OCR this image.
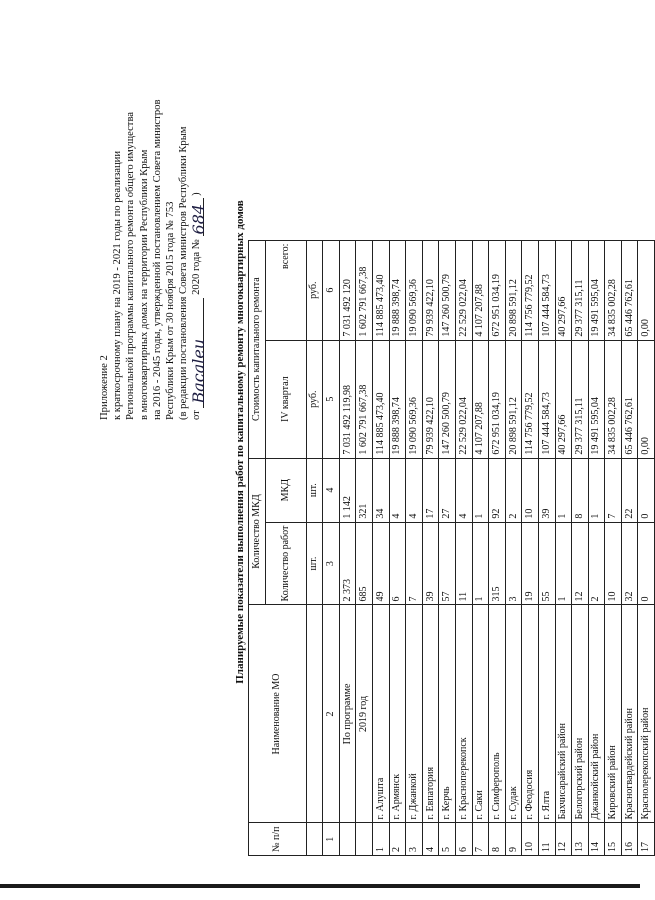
Приложение 2 к краткосрочному плану на 2019 - 2021 годы по реализации Региональной программы капитального ремонта общего имущества в многоквартирных домах на территории Республики Крым на 2016 - 2045 годы, утвержденной постановлением Совета министров Республики Крым от 30 ноября 2015 года № 753 (в редакции постановления Совета министров Республики Крым от
Bacaleu
2020 года №
684
)
Планируемые показатели выполнения работ по капитальному ремонту многоквартирных домов
№ п/п	Наименование МО	Количество МКД		Стоимость капитального ремонта	
		Количество работ	МКД	IV квартал	всего:
		шт.	шт.	руб.	руб.
1	2	3	4	5	6
	По программе	2 373	1 142	7 031 492 119,98	7 031 492 120
	2019 год	685	321	1 602 791 667,38	1 602 791 667,38
1	г. Алушта	49	34	114 885 473,40	114 885 473,40
2	г. Армянск	6	4	19 888 398,74	19 888 398,74
3	г. Джанкой	7	4	19 090 569,36	19 090 569,36
4	г. Евпатория	39	17	79 939 422,10	79 939 422,10
5	г. Керчь	57	27	147 260 500,79	147 260 500,79
6	г. Красноперекопск	11	4	22 529 022,04	22 529 022,04
7	г. Саки	1	1	4 107 207,88	4 107 207,88
8	г. Симферополь	315	92	672 951 034,19	672 951 034,19
9	г. Судак	3	2	20 898 591,12	20 898 591,12
10	г. Феодосия	19	10	114 756 779,52	114 756 779,52
11	г. Ялта	55	39	107 444 584,73	107 444 584,73
12	Бахчисарайский район	1	1	40 297,66	40 297,66
13	Белогорский район	12	8	29 377 315,11	29 377 315,11
14	Джанкойский район	2	1	19 491 595,04	19 491 595,04
15	Кировский район	10	7	34 835 002,28	34 835 002,28
16	Красногвардейский район	32	22	65 446 762,61	65 446 762,61
17	Краснолерекопский район	0	0	0,00	0,00
